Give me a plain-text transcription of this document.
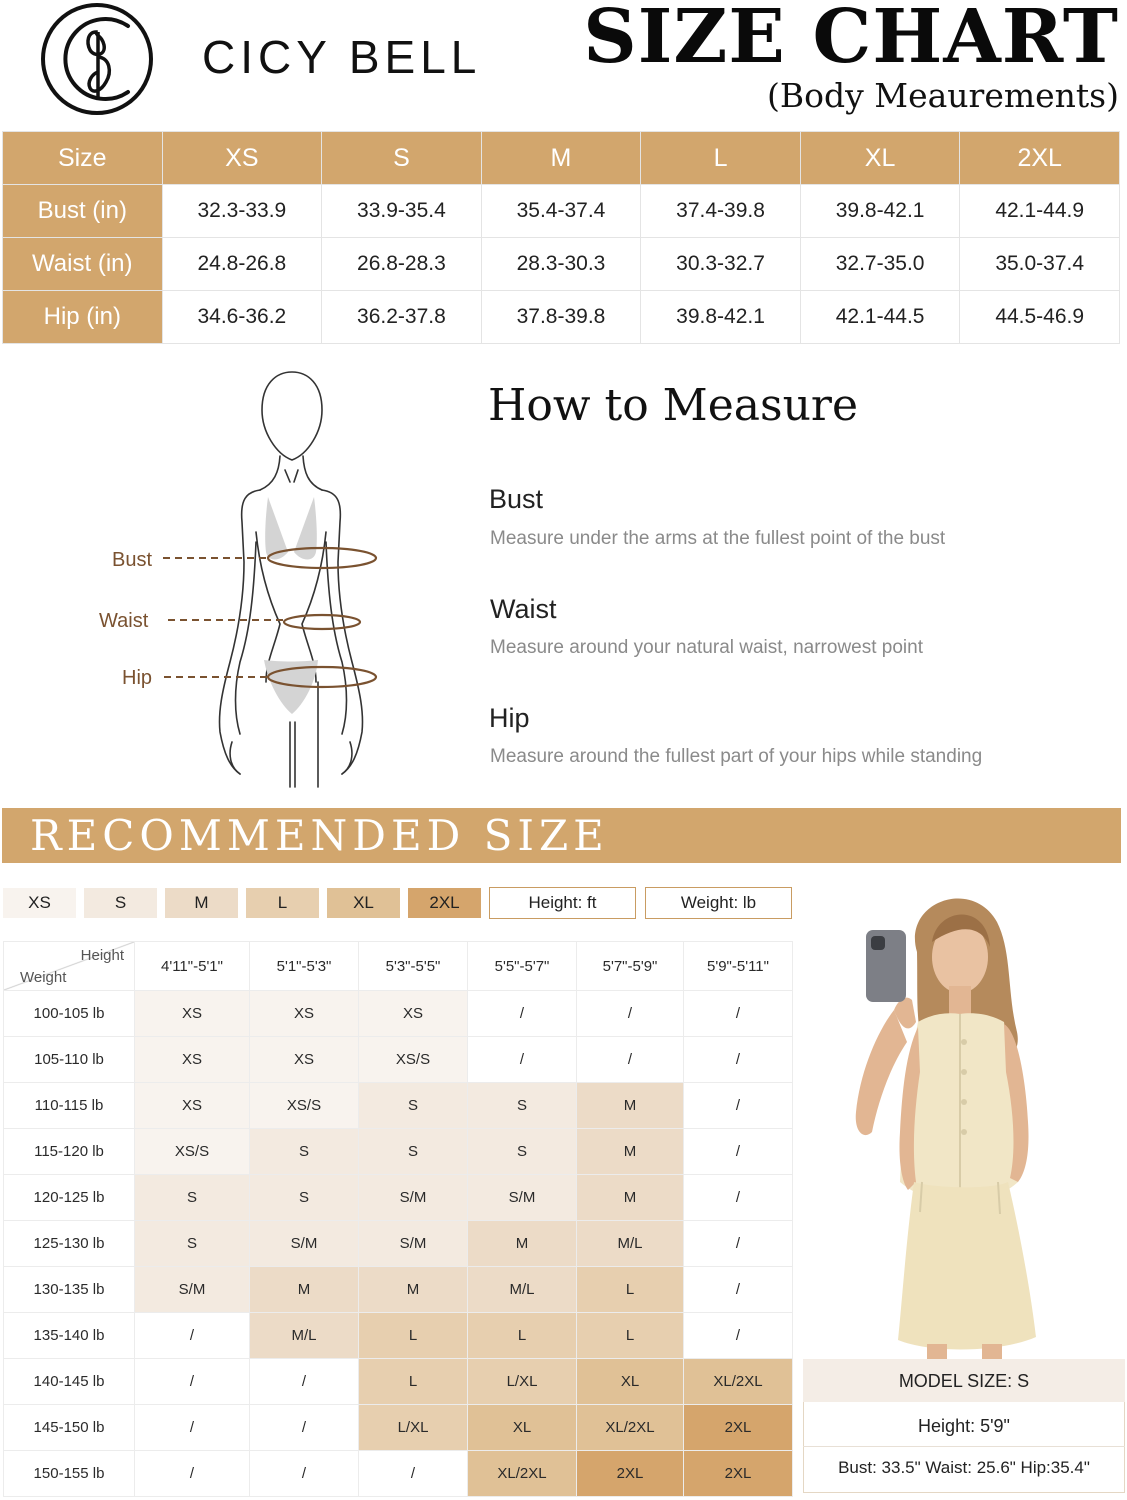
CICY BELL SIZE CHART
(Body Meaurements)
Size	XS	S	M	L	XL	2XL
Bust (in)	32.3-33.9	33.9-35.4	35.4-37.4	37.4-39.8	39.8-42.1	42.1-44.9
Waist (in)	24.8-26.8	26.8-28.3	28.3-30.3	30.3-32.7	32.7-35.0	35.0-37.4
Hip (in)	34.6-36.2	36.2-37.8	37.8-39.8	39.8-42.1	42.1-44.5	44.5-46.9
Bust
Waist
Hip
How to Measure
Bust
Measure under the arms at the fullest point of the bust
Waist
Measure around your natural waist, narrowest point
Hip
Measure around the fullest part of your hips while standing
RECOMMENDED SIZE
XS	S	M	L	XL	2XL	Height: ft	Weight: lb
Height
Weight	4'11"-5'1"	5'1"-5'3"	5'3"-5'5"	5'5"-5'7"	5'7"-5'9"	5'9"-5'11"
100-105 lb	XS	XS	XS	/	/	/
105-110 lb	XS	XS	XS/S	/	/	/
110-115 lb	XS	XS/S	S	S	M	/
115-120 lb	XS/S	S	S	S	M	/
120-125 lb	S	S	S/M	S/M	M	/
125-130 lb	S	S/M	S/M	M	M/L	/
130-135 lb	S/M	M	M	M/L	L	/
135-140 lb	/	M/L	L	L	L	/
140-145 lb	/	/	L	L/XL	XL	XL/2XL
145-150 lb	/	/	L/XL	XL	XL/2XL	2XL
150-155 lb	/	/	/	XL/2XL	2XL	2XL
MODEL SIZE: S
Height: 5'9"
Bust: 33.5" Waist: 25.6" Hip:35.4"
